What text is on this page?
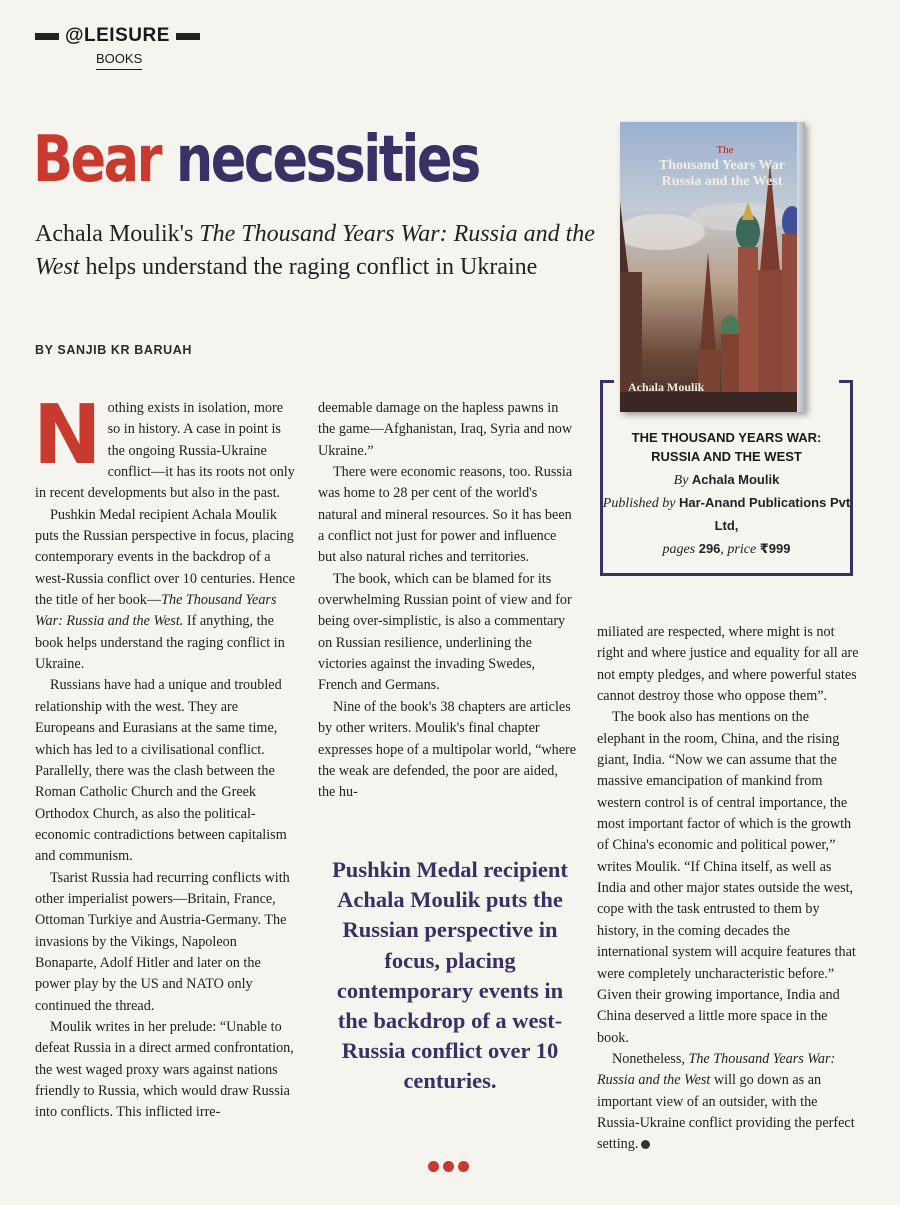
@LEISURE
BOOKS
Bear necessities
Achala Moulik's The Thousand Years War: Russia and the West helps understand the raging conflict in Ukraine
BY SANJIB KR BARUAH
The
Thousand Years War
Russia and the West
Achala Moulik
THE THOUSAND YEARS WAR:
RUSSIA AND THE WEST
By Achala Moulik
Published by Har-Anand Publications Pvt Ltd,
pages 296, price ₹999

Nothing exists in isolation, more so in history. A case in point is the ongoing Russia-Ukraine conflict—it has its roots not only in recent developments but also in the past.

Pushkin Medal recipient Achala Moulik puts the Russian perspective in focus, placing contemporary events in the backdrop of a west-Russia conflict over 10 centuries. Hence the title of her book—The Thousand Years War: Russia and the West. If anything, the book helps understand the raging conflict in Ukraine.

Russians have had a unique and troubled relationship with the west. They are Europeans and Eurasians at the same time, which has led to a civilisational conflict. Parallelly, there was the clash between the Roman Catholic Church and the Greek Orthodox Church, as also the political-economic contradictions between capitalism and communism.

Tsarist Russia had recurring conflicts with other imperialist powers—Britain, France, Ottoman Turkiye and Austria-Germany. The invasions by the Vikings, Napoleon Bonaparte, Adolf Hitler and later on the power play by the US and NATO only continued the thread.

Moulik writes in her prelude: “Unable to defeat Russia in a direct armed confrontation, the west waged proxy wars against nations friendly to Russia, which would draw Russia into conflicts. This inflicted irre-

deemable damage on the hapless pawns in the game—Afghanistan, Iraq, Syria and now Ukraine.”

There were economic reasons, too. Russia was home to 28 per cent of the world's natural and mineral resources. So it has been a conflict not just for power and influence but also natural riches and territories.

The book, which can be blamed for its overwhelming Russian point of view and for being over-simplistic, is also a commentary on Russian resilience, underlining the victories against the invading Swedes, French and Germans.

Nine of the book's 38 chapters are articles by other writers. Moulik's final chapter expresses hope of a multipolar world, “where the weak are defended, the poor are aided, the hu-

Pushkin Medal recipient Achala Moulik puts the Russian perspective in focus, placing contemporary events in the backdrop of a west-Russia conflict over 10 centuries.

miliated are respected, where might is not right and where justice and equality for all are not empty pledges, and where powerful states cannot destroy those who oppose them”.

The book also has mentions on the elephant in the room, China, and the rising giant, India. “Now we can assume that the massive emancipation of mankind from western control is of central importance, the most important factor of which is the growth of China's economic and political power,” writes Moulik. “If China itself, as well as India and other major states outside the west, cope with the task entrusted to them by history, in the coming decades the international system will acquire features that were completely uncharacteristic before.” Given their growing importance, India and China deserved a little more space in the book.

Nonetheless, The Thousand Years War: Russia and the West will go down as an important view of an outsider, with the Russia-Ukraine conflict providing the perfect setting.
